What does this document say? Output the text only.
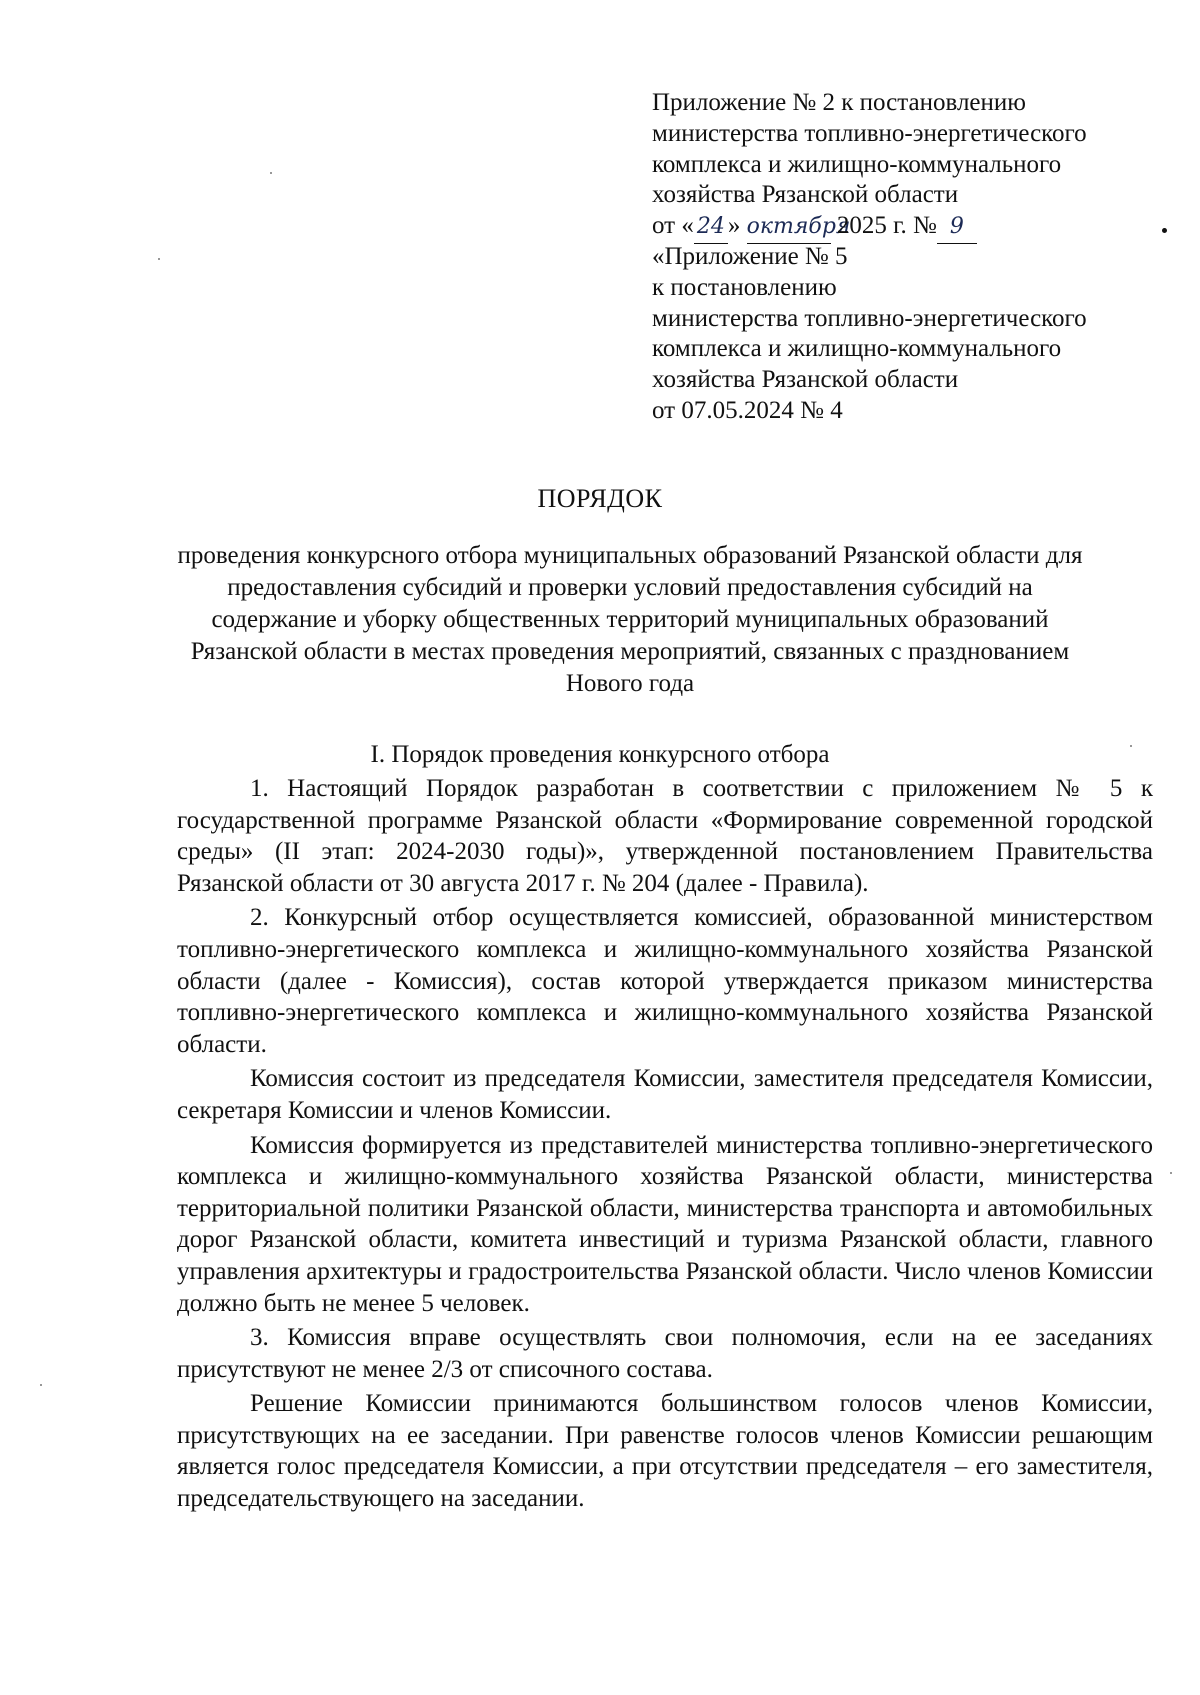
Приложение № 2 к постановлению
министерства топливно-энергетического
комплекса и жилищно-коммунального
хозяйства Рязанской области
от « 24 » октября 2025 г. № 9
«Приложение № 5
к постановлению
министерства топливно-энергетического
комплекса и жилищно-коммунального
хозяйства Рязанской области
от 07.05.2024 № 4
ПОРЯДОК
проведения конкурсного отбора муниципальных образований Рязанской области для предоставления субсидий и проверки условий предоставления субсидий на содержание и уборку общественных территорий муниципальных образований Рязанской области в местах проведения мероприятий, связанных с празднованием Нового года
I. Порядок проведения конкурсного отбора

1. Настоящий Порядок разработан в соответствии с приложением № 5 к государственной программе Рязанской области «Формирование современной городской среды» (II этап: 2024-2030 годы)», утвержденной постановлением Правительства Рязанской области от 30 августа 2017 г. № 204 (далее - Правила).

2. Конкурсный отбор осуществляется комиссией, образованной министерством топливно-энергетического комплекса и жилищно-коммунального хозяйства Рязанской области (далее - Комиссия), состав которой утверждается приказом министерства топливно-энергетического комплекса и жилищно-коммунального хозяйства Рязанской области.

Комиссия состоит из председателя Комиссии, заместителя председателя Комиссии, секретаря Комиссии и членов Комиссии.

Комиссия формируется из представителей министерства топливно-энергетического комплекса и жилищно-коммунального хозяйства Рязанской области, министерства территориальной политики Рязанской области, министерства транспорта и автомобильных дорог Рязанской области, комитета инвестиций и туризма Рязанской области, главного управления архитектуры и градостроительства Рязанской области. Число членов Комиссии должно быть не менее 5 человек.

3. Комиссия вправе осуществлять свои полномочия, если на ее заседаниях присутствуют не менее 2/3 от списочного состава.

Решение Комиссии принимаются большинством голосов членов Комиссии, присутствующих на ее заседании. При равенстве голосов членов Комиссии решающим является голос председателя Комиссии, а при отсутствии председателя – его заместителя, председательствующего на заседании.
